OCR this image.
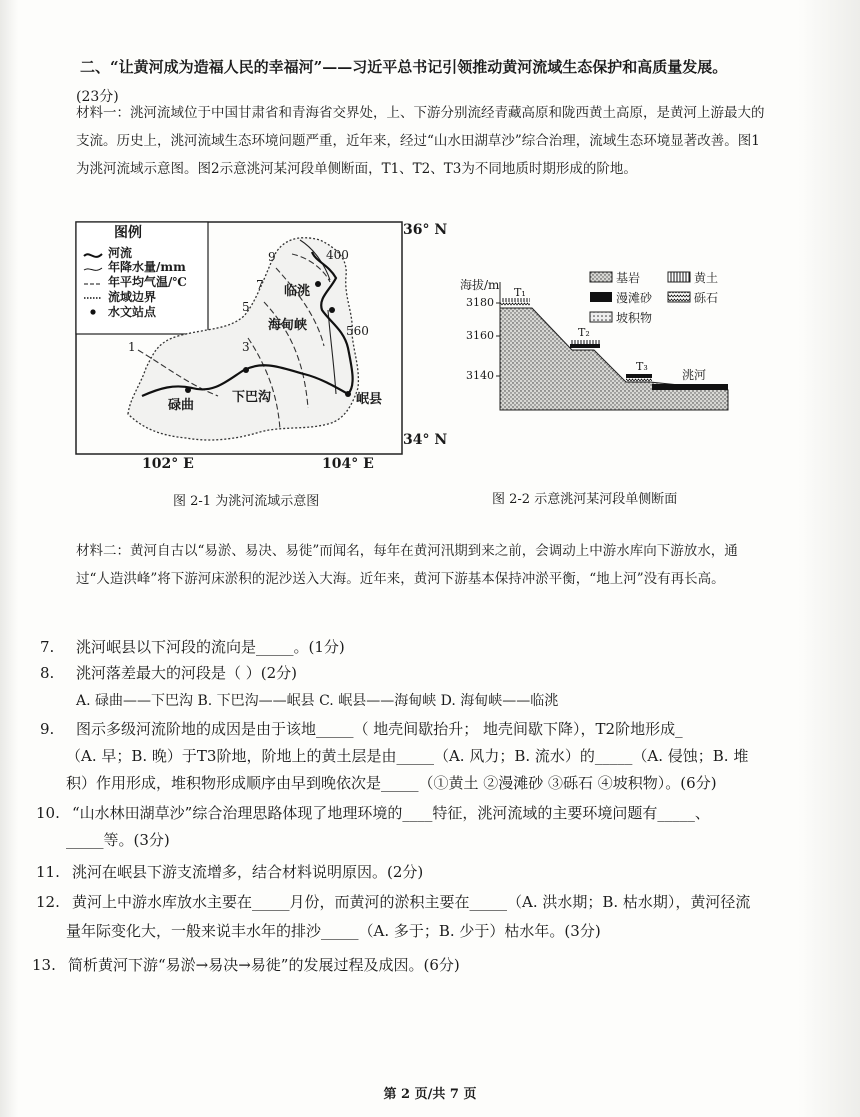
二、“让黄河成为造福人民的幸福河”——习近平总书记引领推动黄河流域生态保护和高质量发展。
(23分)
材料一：洮河流域位于中国甘肃省和青海省交界处，上、下游分别流经青藏高原和陇西黄土高原，是黄河上游最大的支流。历史上，洮河流域生态环境问题严重，近年来，经过“山水田湖草沙”综合治理，流域生态环境显著改善。图1为洮河流域示意图。图2示意洮河某河段单侧断面，T1、T2、T3为不同地质时期形成的阶地。
图例
河流
年降水量/mm
年平均气温/℃
流域边界
水文站点
36° N
34° N
102° E	104° E
临洮
海甸峡
碌曲
下巴沟	岷县
400
560
9
7
5
3
1
图 2-1 为洮河流域示意图
海拔/m
3180
3160
3140
T₁
T₂
T₃
洮河
基岩	黄土
漫滩砂	砾石
坡积物
图 2-2 示意洮河某河段单侧断面
材料二：黄河自古以“易淤、易决、易徙”而闻名，每年在黄河汛期到来之前，会调动上中游水库向下游放水，通过“人造洪峰”将下游河床淤积的泥沙送入大海。近年来，黄河下游基本保持冲淤平衡，“地上河”没有再长高。
7. 洮河岷县以下河段的流向是_____。(1分)
8. 洮河落差最大的河段是（ ）(2分)
A. 碌曲——下巴沟 B. 下巴沟——岷县 C. 岷县——海甸峡 D. 海甸峡——临洮
9. 图示多级河流阶地的成因是由于该地_____（ 地壳间歇抬升； 地壳间歇下降），T2阶地形成_
（A. 早；B. 晚）于T3阶地，阶地上的黄土层是由_____（A. 风力；B. 流水）的_____（A. 侵蚀；B. 堆
积）作用形成，堆积物形成顺序由早到晚依次是_____（①黄土 ②漫滩砂 ③砾石 ④坡积物）。(6分)
10. “山水林田湖草沙”综合治理思路体现了地理环境的____特征，洮河流域的主要环境问题有_____、
_____等。(3分)
11. 洮河在岷县下游支流增多，结合材料说明原因。(2分)
12. 黄河上中游水库放水主要在_____月份，而黄河的淤积主要在_____（A. 洪水期；B. 枯水期），黄河径流
量年际变化大，一般来说丰水年的排沙_____（A. 多于；B. 少于）枯水年。(3分)
13. 简析黄河下游“易淤→易决→易徙”的发展过程及成因。(6分)
第 2 页/共 7 页
